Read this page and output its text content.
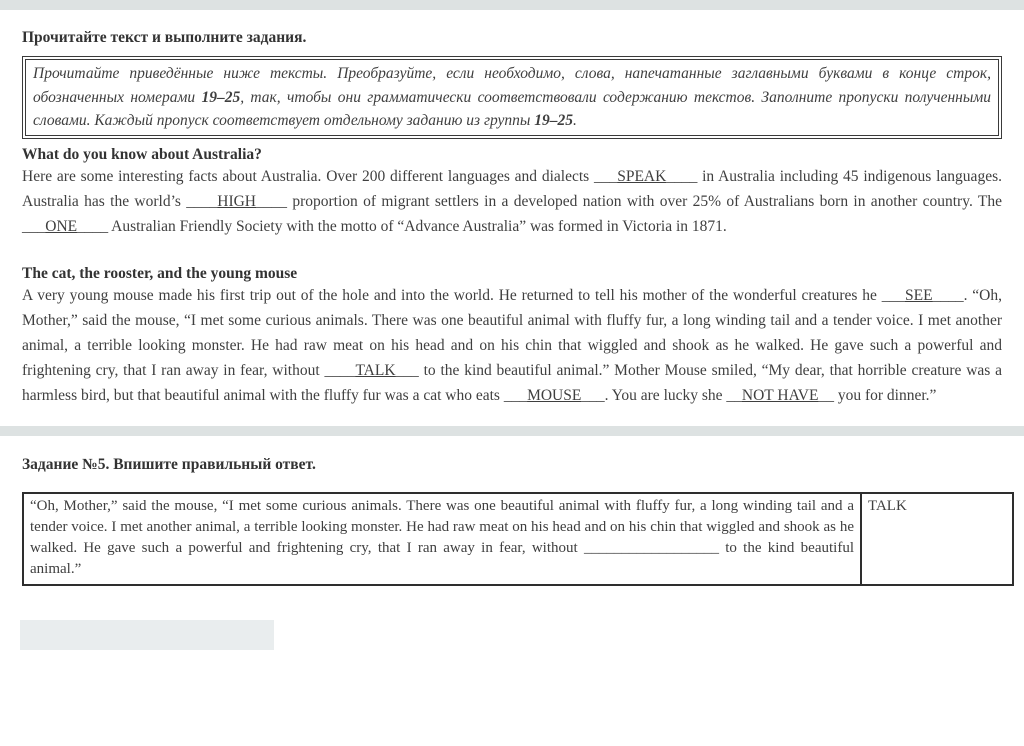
Прочитайте текст и выполните задания.
Прочитайте приведённые ниже тексты. Преобразуйте, если необходимо, слова, напечатанные заглавными буквами в конце строк, обозначенных номерами 19–25, так, чтобы они грамматически соответствовали содержанию текстов. Заполните пропуски полученными словами. Каждый пропуск соответствует отдельному заданию из группы 19–25.
What do you know about Australia?

Here are some interesting facts about Australia. Over 200 different languages and dialects ___SPEAK____ in Australia including 45 indigenous languages. Australia has the world’s ____HIGH____ proportion of migrant settlers in a developed nation with over 25% of Australians born in another country. The ___ONE____ Australian Friendly Society with the motto of “Advance Australia” was formed in Victoria in 1871.

The cat, the rooster, and the young mouse

A very young mouse made his first trip out of the hole and into the world. He returned to tell his mother of the wonderful creatures he ___SEE____. “Oh, Mother,” said the mouse, “I met some curious animals. There was one beautiful animal with fluffy fur, a long winding tail and a tender voice. I met another animal, a terrible looking monster. He had raw meat on his head and on his chin that wiggled and shook as he walked. He gave such a powerful and frightening cry, that I ran away in fear, without ____TALK___ to the kind beautiful animal.” Mother Mouse smiled, “My dear, that horrible creature was a harmless bird, but that beautiful animal with the fluffy fur was a cat who eats ___MOUSE___. You are lucky she __NOT HAVE__ you for dinner.”

Задание №5. Впишите правильный ответ.
“Oh, Mother,” said the mouse, “I met some curious animals. There was one beautiful animal with fluffy fur, a long winding tail and a tender voice. I met another animal, a terrible looking monster. He had raw meat on his head and on his chin that wiggled and shook as he walked. He gave such a powerful and frightening cry, that I ran away in fear, without __________________ to the kind beautiful animal.”	TALK
